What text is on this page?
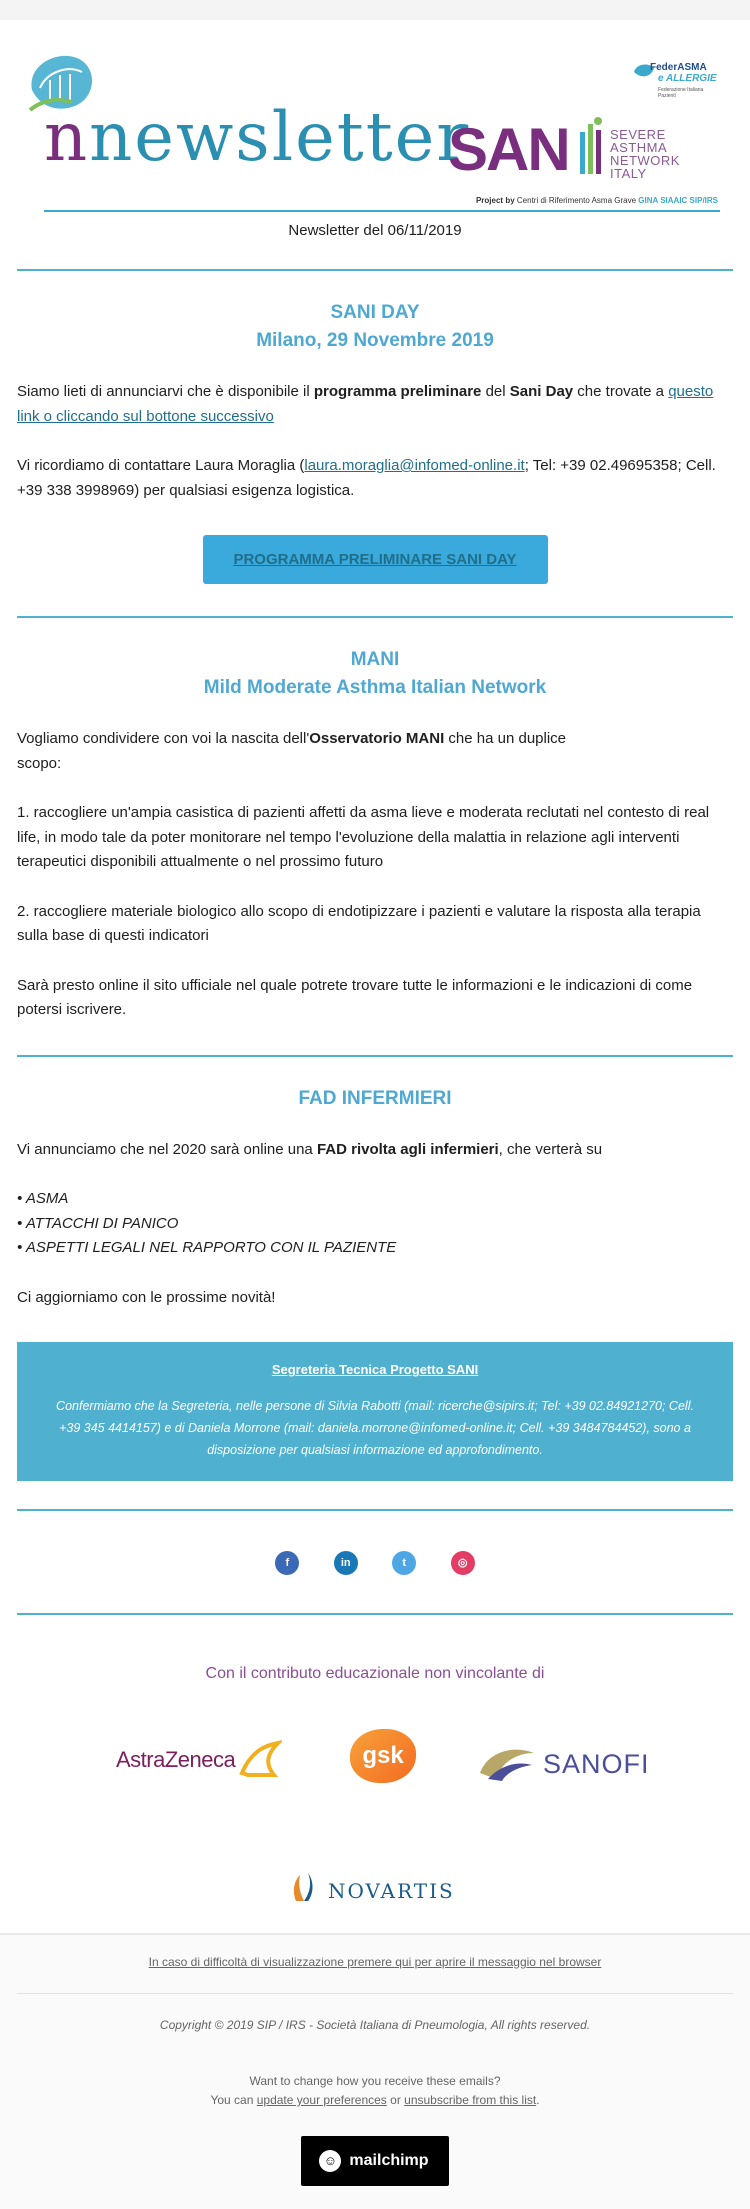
nnewsletter
SAN	SEVERE
ASTHMA
NETWORK
ITALY
FederASMA
e ALLERGIE
Federazione Italiana Pazienti
Project by Centri di Riferimento Asma Grave GINA SIAAIC SIP/IRS
Newsletter del 06/11/2019
SANI DAY
Milano, 29 Novembre 2019

Siamo lieti di annunciarvi che è disponibile il programma preliminare del Sani Day che trovate a questo link o cliccando sul bottone successivo

Vi ricordiamo di contattare Laura Moraglia (laura.moraglia@infomed-online.it; Tel: +39 02.49695358; Cell. +39 338 3998969) per qualsiasi esigenza logistica.

PROGRAMMA PRELIMINARE SANI DAY
MANI
Mild Moderate Asthma Italian Network

Vogliamo condividere con voi la nascita dell'Osservatorio MANI che ha un duplice scopo:

1. raccogliere un'ampia casistica di pazienti affetti da asma lieve e moderata reclutati nel contesto di real life, in modo tale da poter monitorare nel tempo l'evoluzione della malattia in relazione agli interventi terapeutici disponibili attualmente o nel prossimo futuro

2. raccogliere materiale biologico allo scopo di endotipizzare i pazienti e valutare la risposta alla terapia sulla base di questi indicatori

Sarà presto online il sito ufficiale nel quale potrete trovare tutte le informazioni e le indicazioni di come potersi iscrivere.

FAD INFERMIERI

Vi annunciamo che nel 2020 sarà online una FAD rivolta agli infermieri, che verterà su

• ASMA
• ATTACCHI DI PANICO
• ASPETTI LEGALI NEL RAPPORTO CON IL PAZIENTE

Ci aggiorniamo con le prossime novità!

Segreteria Tecnica Progetto SANI
Confermiamo che la Segreteria, nelle persone di Silvia Rabotti (mail: ricerche@sipirs.it; Tel: +39 02.84921270; Cell. +39 345 4414157) e di Daniela Morrone (mail: daniela.morrone@infomed-online.it; Cell. +39 3484784452), sono a disposizione per qualsiasi informazione ed approfondimento.
f	in	t	◎
Con il contributo educazionale non vincolante di
AstraZeneca	gsk	SANOFI
NOVARTIS
In caso di difficoltà di visualizzazione premere qui per aprire il messaggio nel browser
Copyright © 2019 SIP / IRS - Società Italiana di Pneumologia, All rights reserved.
Want to change how you receive these emails?
You can update your preferences or unsubscribe from this list.
☺ mailchimp
